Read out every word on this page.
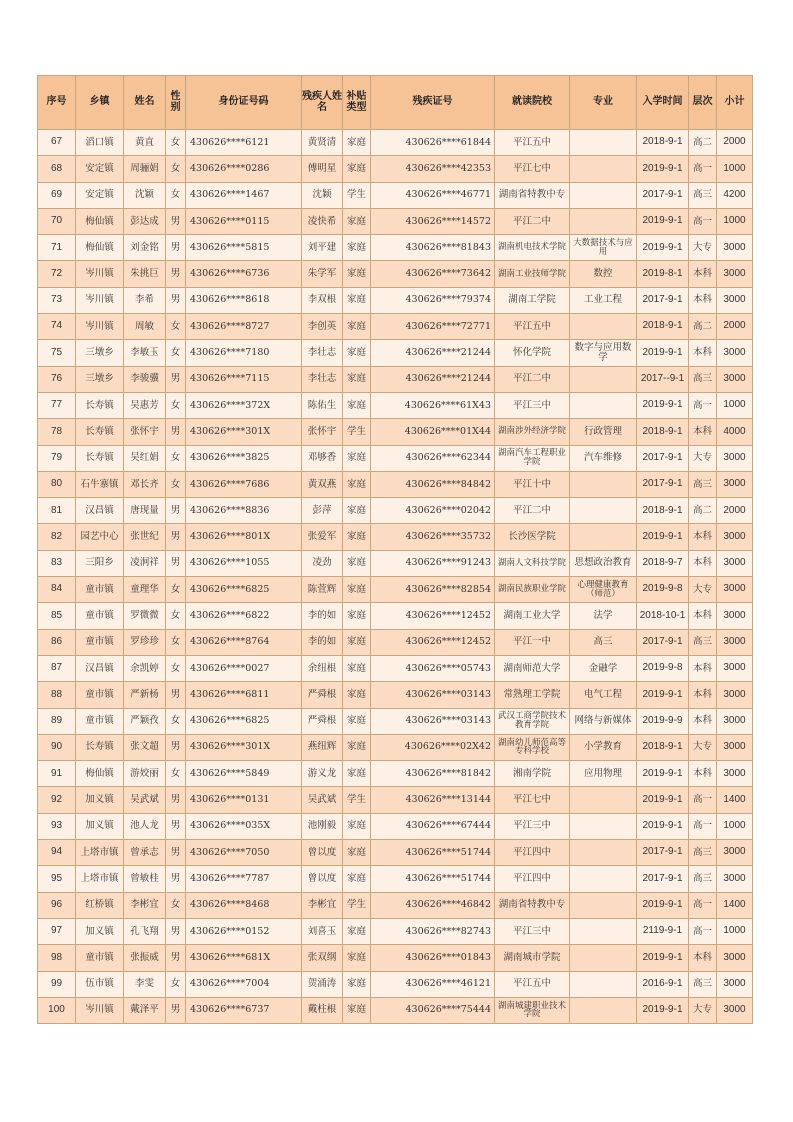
序号	乡镇	姓名	性别	身份证号码	残疾人姓名	补贴类型	残疾证号	就读院校	专业	入学时间	层次	小计
67	滔口镇	黄直	女	430626****6121	黄贤清	家庭	430626****61844	平江五中		2018-9-1	高二	2000
68	安定镇	周骊娟	女	430626****0286	傅明星	家庭	430626****42353	平江七中		2019-9-1	高一	1000
69	安定镇	沈颖	女	430626****1467	沈颖	学生	430626****46771	湖南省特教中专		2017-9-1	高三	4200
70	梅仙镇	彭达成	男	430626****0115	凌快希	家庭	430626****14572	平江二中		2019-9-1	高一	1000
71	梅仙镇	刘金铭	男	430626****5815	刘平建	家庭	430626****81843	湖南机电技术学院	大数据技术与应用	2019-9-1	大专	3000
72	岑川镇	朱挑巨	男	430626****6736	朱学军	家庭	430626****73642	湖南工业技师学院	数控	2019-8-1	本科	3000
73	岑川镇	李希	男	430626****8618	李双根	家庭	430626****79374	湖南工学院	工业工程	2017-9-1	本科	3000
74	岑川镇	周敏	女	430626****8727	李创英	家庭	430626****72771	平江五中		2018-9-1	高二	2000
75	三墩乡	李敏玉	女	430626****7180	李壮志	家庭	430626****21244	怀化学院	数字与应用数学	2019-9-1	本科	3000
76	三墩乡	李骏骥	男	430626****7115	李壮志	家庭	430626****21244	平江二中		2017--9-1	高三	3000
77	长寿镇	吴惠芳	女	430626****372X	陈佑生	家庭	430626****61X43	平江三中		2019-9-1	高一	1000
78	长寿镇	张怀宇	男	430626****301X	张怀宇	学生	430626****01X44	湖南涉外经济学院	行政管理	2018-9-1	本科	4000
79	长寿镇	吴红娟	女	430626****3825	邓够香	家庭	430626****62344	湖南汽车工程职业学院	汽车维修	2017-9-1	大专	3000
80	石牛寨镇	邓长齐	女	430626****7686	黄双燕	家庭	430626****84842	平江十中		2017-9-1	高三	3000
81	汉昌镇	唐现量	男	430626****8836	彭萍	家庭	430626****02042	平江二中		2018-9-1	高二	2000
82	园艺中心	张世纪	男	430626****801X	张爱军	家庭	430626****35732	长沙医学院		2019-9-1	本科	3000
83	三阳乡	凌泂祥	男	430626****1055	凌劲	家庭	430626****91243	湖南人文科技学院	思想政治教育	2018-9-7	本科	3000
84	童市镇	童理华	女	430626****6825	陈萱辉	家庭	430626****82854	湖南民族职业学院	心理健康教育（师范）	2019-9-8	大专	3000
85	童市镇	罗微微	女	430626****6822	李的如	家庭	430626****12452	湖南工业大学	法学	2018-10-1	本科	3000
86	童市镇	罗珍珍	女	430626****8764	李的如	家庭	430626****12452	平江一中	高三	2017-9-1	高三	3000
87	汉昌镇	余凯婷	女	430626****0027	余纽根	家庭	430626****05743	湖南师范大学	金融学	2019-9-8	本科	3000
88	童市镇	严新杨	男	430626****6811	严舜根	家庭	430626****03143	常熟理工学院	电气工程	2019-9-1	本科	3000
89	童市镇	严颖孜	女	430626****6825	严舜根	家庭	430626****03143	武汉工商学院技术教育学院	网络与新媒体	2019-9-9	本科	3000
90	长寿镇	张文超	男	430626****301X	燕纽辉	家庭	430626****02X42	湖南幼儿师范高等专科学校	小学教育	2018-9-1	大专	3000
91	梅仙镇	游姣丽	女	430626****5849	游义龙	家庭	430626****81842	湘南学院	应用物理	2019-9-1	本科	3000
92	加义镇	吴武斌	男	430626****0131	吴武斌	学生	430626****13144	平江七中		2019-9-1	高一	1400
93	加义镇	池人龙	男	430626****035X	池刚毅	家庭	430626****67444	平江三中		2019-9-1	高一	1000
94	上塔市镇	曾承志	男	430626****7050	曾以度	家庭	430626****51744	平江四中		2017-9-1	高三	3000
95	上塔市镇	曾敏桂	男	430626****7787	曾以度	家庭	430626****51744	平江四中		2017-9-1	高三	3000
96	红桥镇	李彬宜	女	430626****8468	李彬宜	学生	430626****46842	湖南省特教中专		2019-9-1	高一	1400
97	加义镇	孔飞翔	男	430626****0152	刘喜玉	家庭	430626****82743	平江三中		2119-9-1	高一	1000
98	童市镇	张振威	男	430626****681X	张双纲	家庭	430626****01843	湖南城市学院		2019-9-1	本科	3000
99	伍市镇	李雯	女	430626****7004	贺涌涛	家庭	430626****46121	平江五中		2016-9-1	高三	3000
100	岑川镇	戴泽平	男	430626****6737	戴柱根	家庭	430626****75444	湖南城建职业技术学院		2019-9-1	大专	3000
